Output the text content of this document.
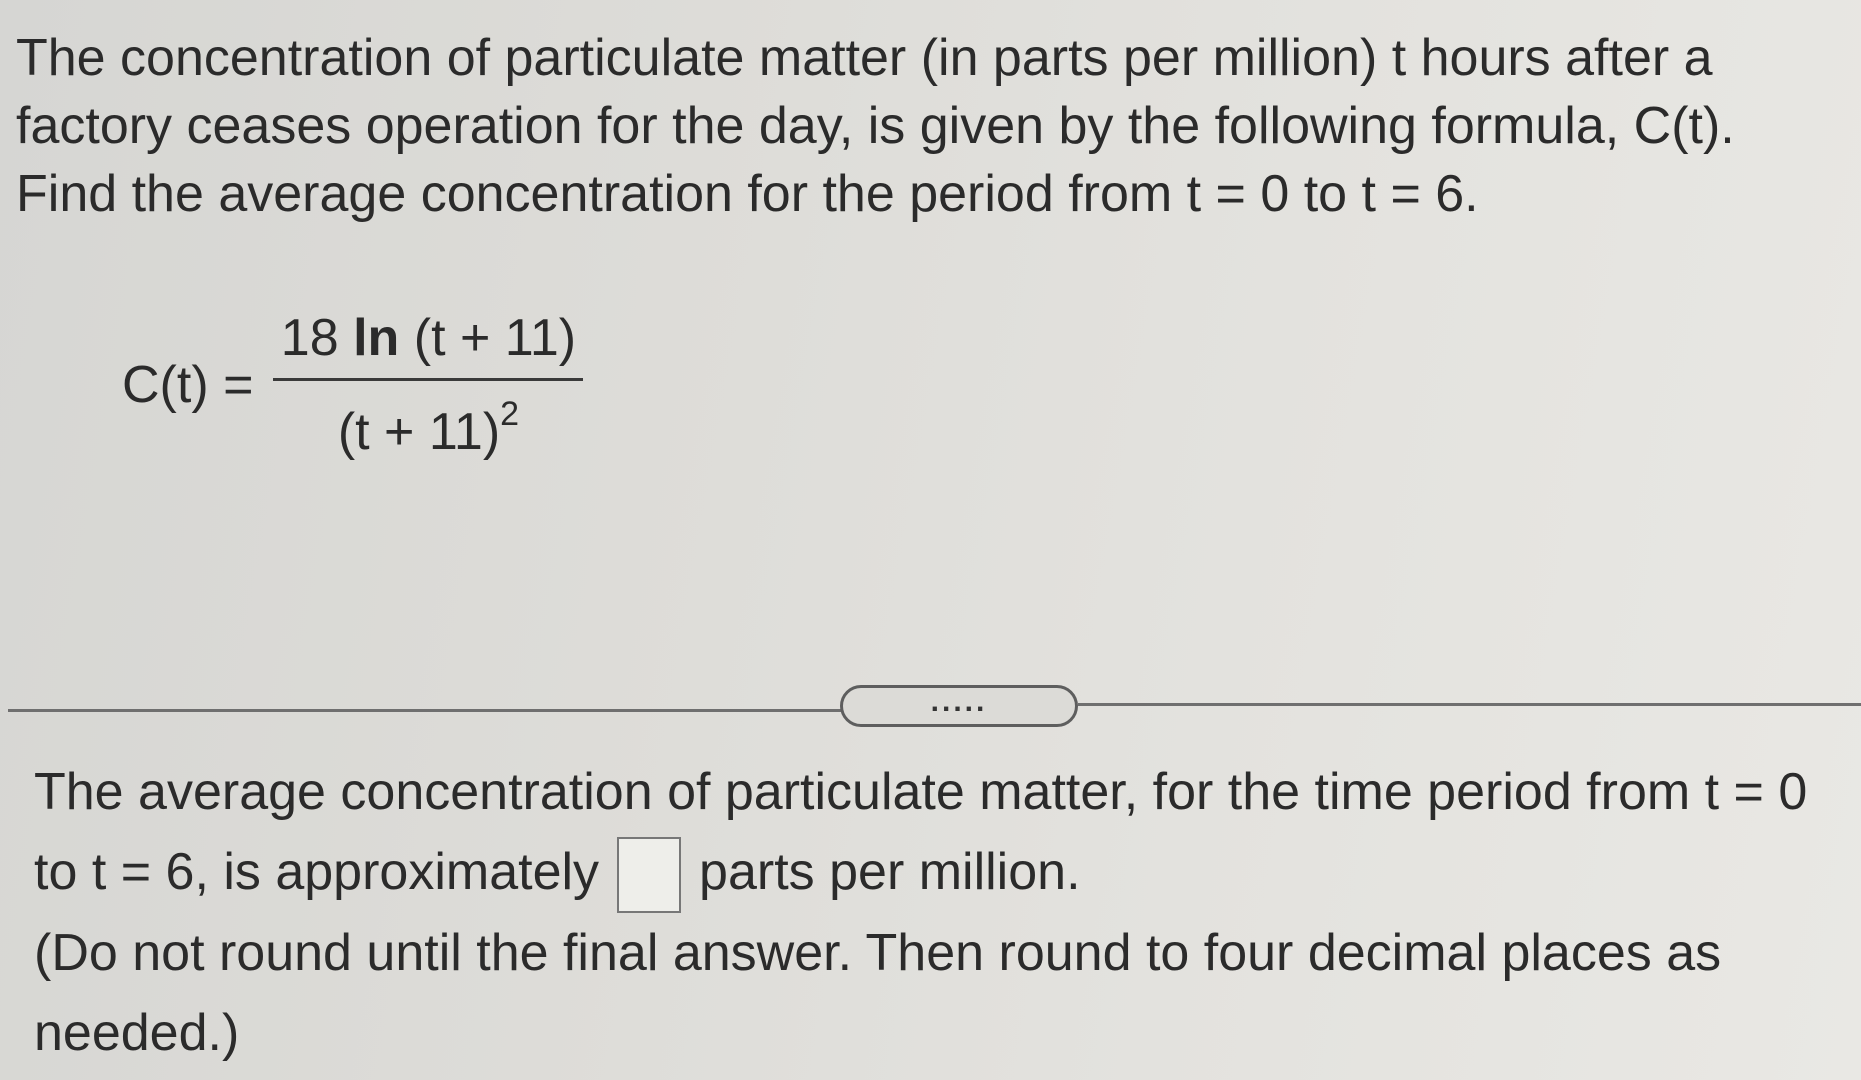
The concentration of particulate matter (in parts per million) t hours after a
factory ceases operation for the day, is given by the following formula, C(t).
Find the average concentration for the period from t = 0 to t = 6.
$C(t) = \frac{18 \ln (t + 11)}{(t + 11)^2}$
.....
The average concentration of particulate matter, for the time period from t = 0
to t = 6, is approximately parts per million.
(Do not round until the final answer. Then round to four decimal places as
needed.)
